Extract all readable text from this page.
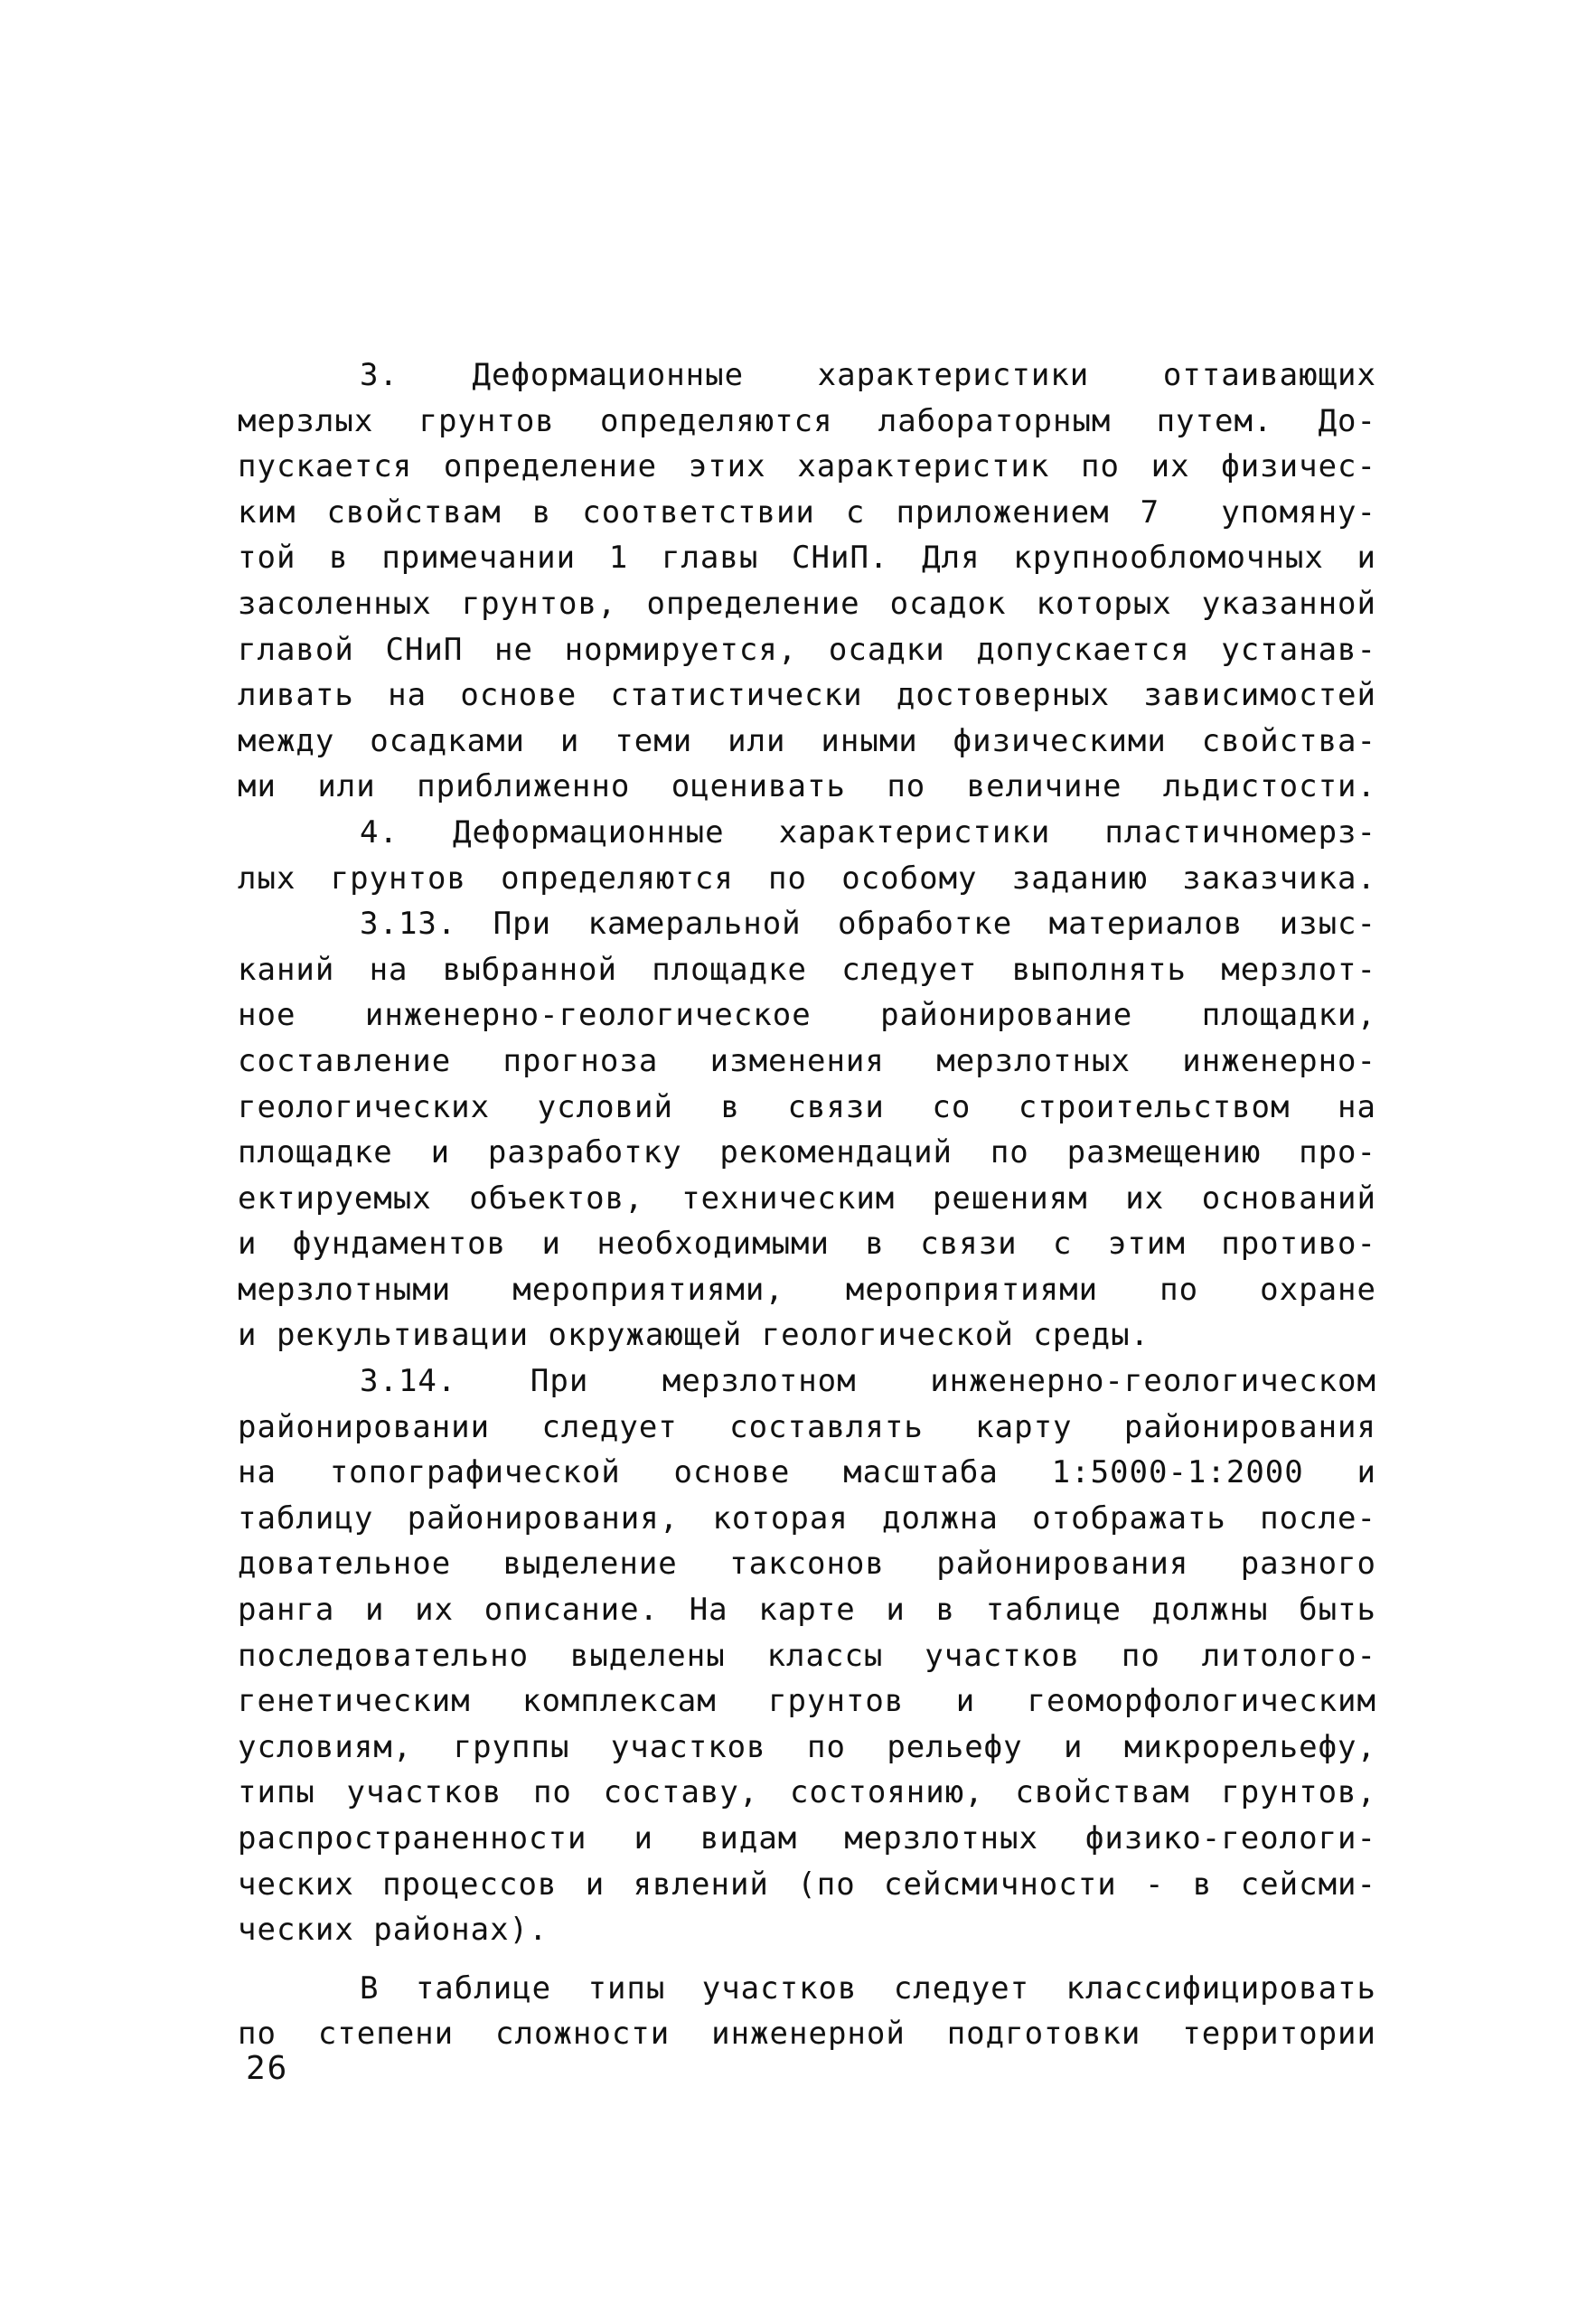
3. Деформационные характеристики оттаивающих
мерзлых грунтов определяются лабораторным путем. До-
пускается определение этих характеристик по их физичес-
ким свойствам в соответствии с приложением 7  упомяну-
той в примечании 1 главы СНиП. Для крупнообломочных и
засоленных грунтов, определение осадок которых указанной
главой СНиП не нормируется, осадки допускается устанав-
ливать на основе статистически достоверных зависимостей
между осадками и теми или иными физическими свойства-
ми или приближенно оценивать по величине льдистости.
4. Деформационные характеристики пластичномерз-
лых грунтов определяются по особому заданию заказчика.
3.13. При камеральной обработке материалов изыс-
каний на выбранной площадке следует выполнять мерзлот-
ное инженерно-геологическое районирование площадки,
составление прогноза изменения мерзлотных инженерно-
геологических условий в связи со строительством на
площадке и разработку рекомендаций по размещению про-
ектируемых объектов, техническим решениям их оснований
и фундаментов и необходимыми в связи с этим противо-
мерзлотными мероприятиями, мероприятиями по охране
и рекультивации окружающей геологической среды.
3.14. При мерзлотном инженерно-геологическом
районировании следует составлять карту районирования
на топографической основе масштаба 1:5000-1:2000 и
таблицу районирования, которая должна отображать после-
довательное выделение таксонов районирования разного
ранга и их описание. На карте и в таблице должны быть
последовательно выделены классы участков по литолого-
генетическим комплексам грунтов и геоморфологическим
условиям, группы участков по рельефу и микрорельефу,
типы участков по составу, состоянию, свойствам грунтов,
распространенности и видам мерзлотных физико-геологи-
ческих процессов и явлений (по сейсмичности - в сейсми-
ческих районах).
В таблице типы участков следует классифицировать
по степени сложности инженерной подготовки территории
26
